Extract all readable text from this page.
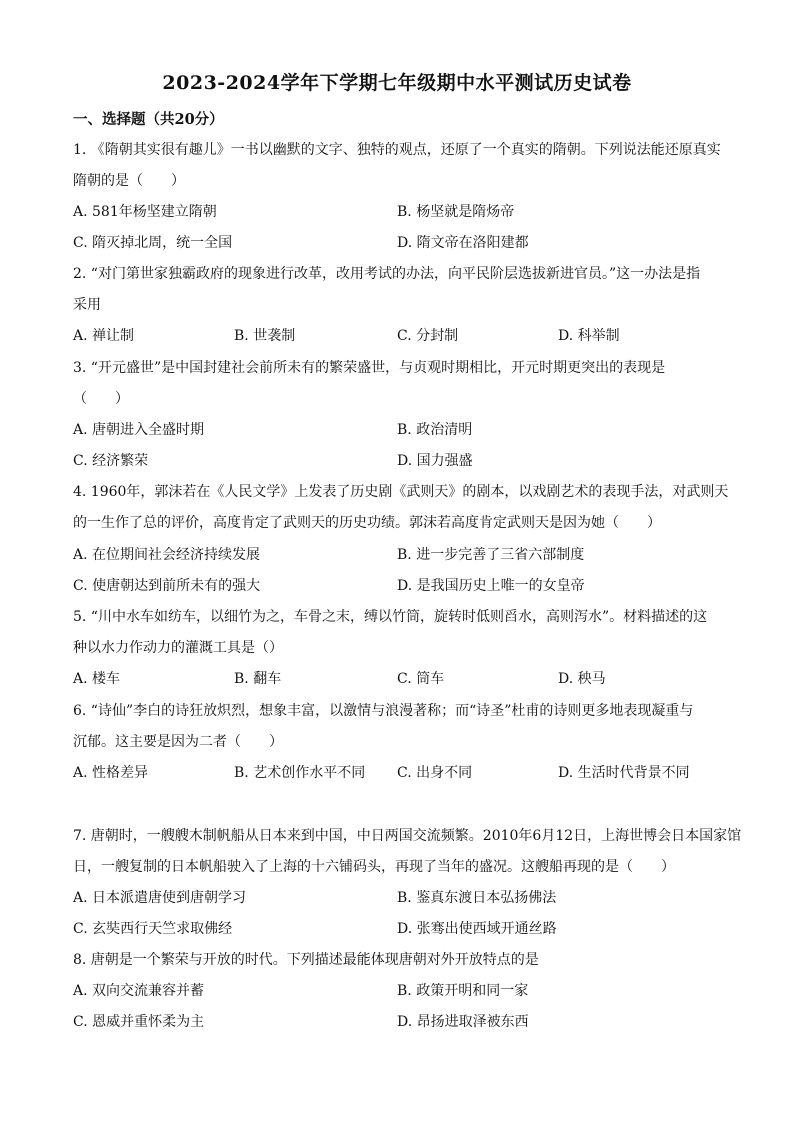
2023-2024学年下学期七年级期中水平测试历史试卷
一、选择题（共20分）
1. 《隋朝其实很有趣儿》一书以幽默的文字、独特的观点，还原了一个真实的隋朝。下列说法能还原真实
隋朝的是（　　）
A. 581年杨坚建立隋朝	B. 杨坚就是隋炀帝
C. 隋灭掉北周，统一全国	D. 隋文帝在洛阳建都
2. “对门第世家独霸政府的现象进行改革，改用考试的办法，向平民阶层选拔新进官员。”这一办法是指
采用
A. 禅让制	B. 世袭制	C. 分封制	D. 科举制
3. “开元盛世”是中国封建社会前所未有的繁荣盛世，与贞观时期相比，开元时期更突出的表现是
（　　）
A. 唐朝进入全盛时期	B. 政治清明
C. 经济繁荣	D. 国力强盛
4. 1960年，郭沫若在《人民文学》上发表了历史剧《武则天》的剧本，以戏剧艺术的表现手法，对武则天
的一生作了总的评价，高度肯定了武则天的历史功绩。郭沫若高度肯定武则天是因为她（　　）
A. 在位期间社会经济持续发展	B. 进一步完善了三省六部制度
C. 使唐朝达到前所未有的强大	D. 是我国历史上唯一的女皇帝
5. “川中水车如纺车，以细竹为之，车骨之末，缚以竹筒，旋转时低则舀水，高则泻水”。材料描述的这
种以水力作动力的灌溉工具是（）
A. 楼车	B. 翻车	C. 筒车	D. 秧马
6. “诗仙”李白的诗狂放炽烈，想象丰富，以激情与浪漫著称；而“诗圣”杜甫的诗则更多地表现凝重与
沉郁。这主要是因为二者（　　）
A. 性格差异	B. 艺术创作水平不同 C. 出身不同	D. 生活时代背景不同
7. 唐朝时，一艘艘木制帆船从日本来到中国，中日两国交流频繁。2010年6月12日，上海世博会日本国家馆
日，一艘复制的日本帆船驶入了上海的十六铺码头，再现了当年的盛况。这艘船再现的是（　　）
A. 日本派遣唐使到唐朝学习	B. 鉴真东渡日本弘扬佛法
C. 玄奘西行天竺求取佛经	D. 张骞出使西域开通丝路
8. 唐朝是一个繁荣与开放的时代。下列描述最能体现唐朝对外开放特点的是
A. 双向交流兼容并蓄	B. 政策开明和同一家
C. 恩威并重怀柔为主	D. 昂扬进取泽被东西
